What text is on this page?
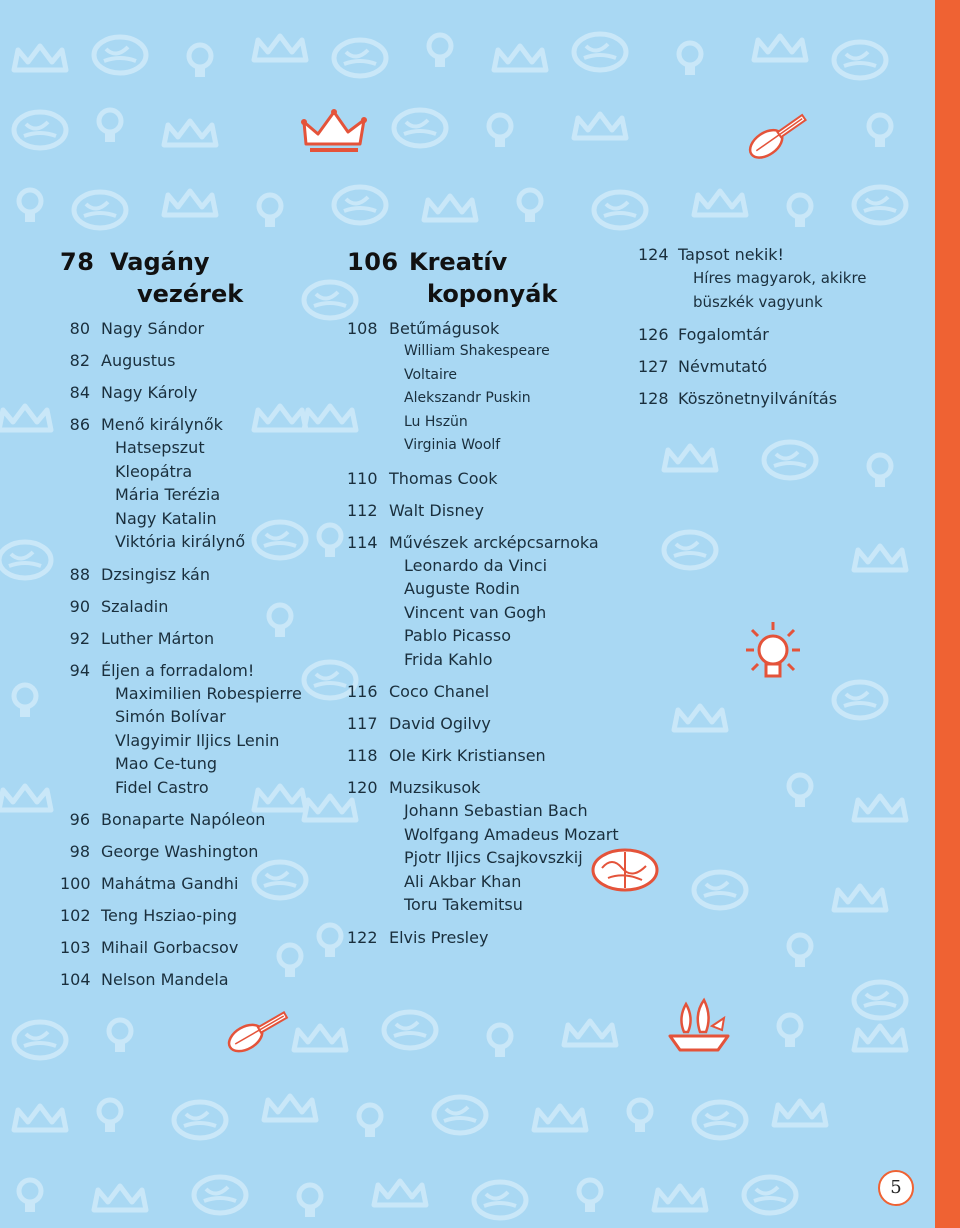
78 Vagány
vezérek
80 Nagy Sándor
82 Augustus
84 Nagy Károly
86 Menő királynők
Hatsepszut
Kleopátra
Mária Terézia
Nagy Katalin
Viktória királynő
88 Dzsingisz kán
90 Szaladin
92 Luther Márton
94 Éljen a forradalom!
Maximilien Robespierre
Simón Bolívar
Vlagyimir Iljics Lenin
Mao Ce-tung
Fidel Castro
96 Bonaparte Napóleon
98 George Washington
100 Mahátma Gandhi
102 Teng Hsziao-ping
103 Mihail Gorbacsov
104 Nelson Mandela
106 Kreatív
koponyák
108 Betűmágusok
William Shakespeare
Voltaire
Alekszandr Puskin
Lu Hszün
Virginia Woolf
110 Thomas Cook
112 Walt Disney
114 Művészek arcképcsarnoka
Leonardo da Vinci
Auguste Rodin
Vincent van Gogh
Pablo Picasso
Frida Kahlo
116 Coco Chanel
117 David Ogilvy
118 Ole Kirk Kristiansen
120 Muzsikusok
Johann Sebastian Bach
Wolfgang Amadeus Mozart
Pjotr Iljics Csajkovszkij
Ali Akbar Khan
Toru Takemitsu
122 Elvis Presley
124 Tapsot nekik!
Híres magyarok, akikre
büszkék vagyunk
126 Fogalomtár
127 Névmutató
128 Köszönetnyilvánítás
5
